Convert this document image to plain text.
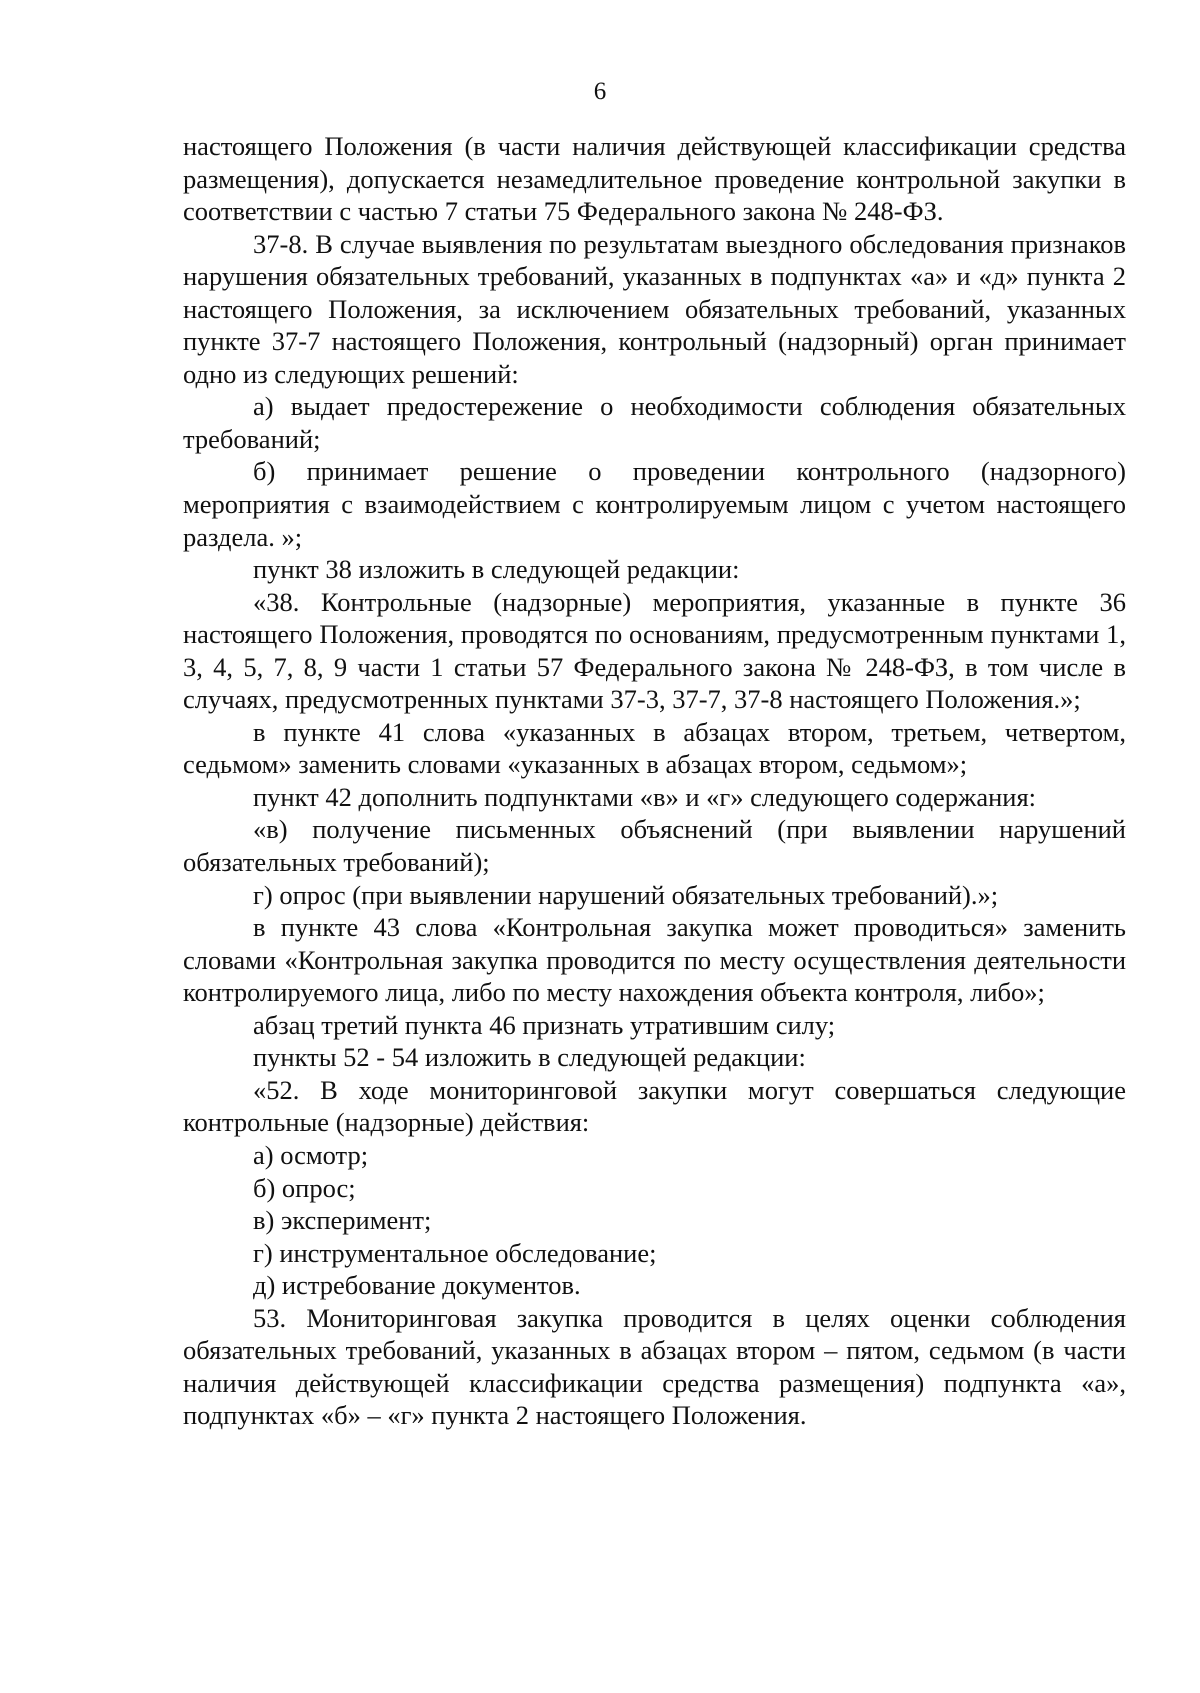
6

настоящего Положения (в части наличия действующей классификации средства размещения), допускается незамедлительное проведение контрольной закупки в соответствии с частью 7 статьи 75 Федерального закона № 248-ФЗ.

37-8. В случае выявления по результатам выездного обследования признаков нарушения обязательных требований, указанных в подпунктах «а» и «д» пункта 2 настоящего Положения, за исключением обязательных требований, указанных пункте 37-7 настоящего Положения, контрольный (надзорный) орган принимает одно из следующих решений:

а) выдает предостережение о необходимости соблюдения обязательных требований;

б) принимает решение о проведении контрольного (надзорного) мероприятия с взаимодействием с контролируемым лицом с учетом настоящего раздела. »;

пункт 38 изложить в следующей редакции:

«38. Контрольные (надзорные) мероприятия, указанные в пункте 36 настоящего Положения, проводятся по основаниям, предусмотренным пунктами 1, 3, 4, 5, 7, 8, 9 части 1 статьи 57 Федерального закона № 248-ФЗ, в том числе в случаях, предусмотренных пунктами 37-3, 37-7, 37-8 настоящего Положения.»;

в пункте 41 слова «указанных в абзацах втором, третьем, четвертом, седьмом» заменить словами «указанных в абзацах втором, седьмом»;

пункт 42 дополнить подпунктами «в» и «г» следующего содержания:

«в) получение письменных объяснений (при выявлении нарушений обязательных требований);

г) опрос (при выявлении нарушений обязательных требований).»;

в пункте 43 слова «Контрольная закупка может проводиться» заменить словами «Контрольная закупка проводится по месту осуществления деятельности контролируемого лица, либо по месту нахождения объекта контроля, либо»;

абзац третий пункта 46 признать утратившим силу;

пункты 52 - 54 изложить в следующей редакции:

«52. В ходе мониторинговой закупки могут совершаться следующие контрольные (надзорные) действия:

а) осмотр;

б) опрос;

в) эксперимент;

г) инструментальное обследование;

д) истребование документов.

53. Мониторинговая закупка проводится в целях оценки соблюдения обязательных требований, указанных в абзацах втором – пятом, седьмом (в части наличия действующей классификации средства размещения) подпункта «а», подпунктах «б» – «г» пункта 2 настоящего Положения.
